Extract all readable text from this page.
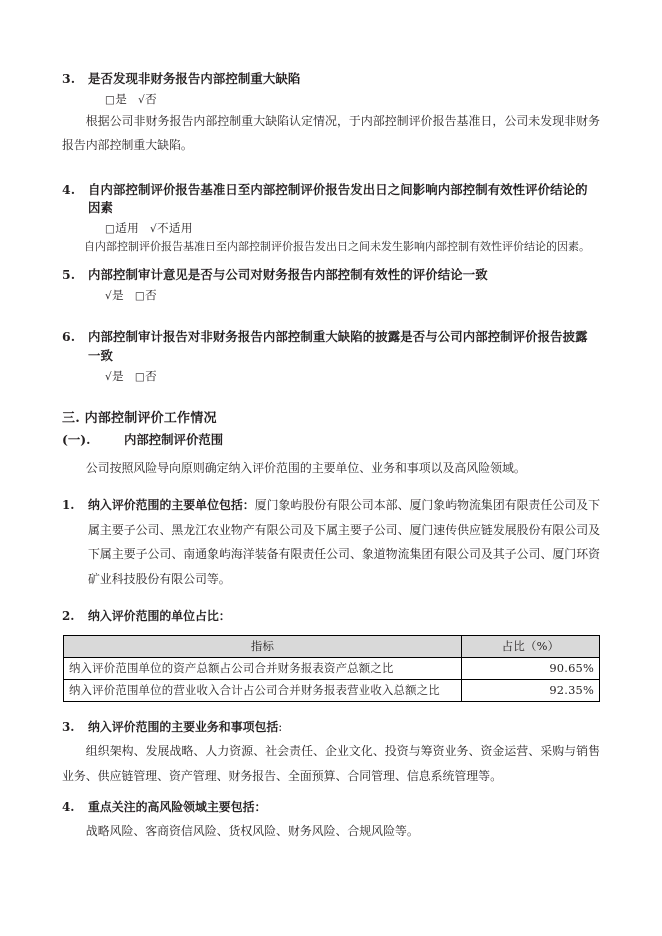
3.	是否发现非财务报告内部控制重大缺陷
□是 √否

根据公司非财务报告内部控制重大缺陷认定情况，于内部控制评价报告基准日，公司未发现非财务报告内部控制重大缺陷。

4.	自内部控制评价报告基准日至内部控制评价报告发出日之间影响内部控制有效性评价结论的因素
□适用 √不适用

自内部控制评价报告基准日至内部控制评价报告发出日之间未发生影响内部控制有效性评价结论的因素。

5.	内部控制审计意见是否与公司对财务报告内部控制有效性的评价结论一致
√是 □否
6.	内部控制审计报告对非财务报告内部控制重大缺陷的披露是否与公司内部控制评价报告披露一致
√是 □否
三. 内部控制评价工作情况
(一).	内部控制评价范围

公司按照风险导向原则确定纳入评价范围的主要单位、业务和事项以及高风险领域。

1.	纳入评价范围的主要单位包括：厦门象屿股份有限公司本部、厦门象屿物流集团有限责任公司及下属主要子公司、黑龙江农业物产有限公司及下属主要子公司、厦门速传供应链发展股份有限公司及下属主要子公司、南通象屿海洋装备有限责任公司、象道物流集团有限公司及其子公司、厦门环资矿业科技股份有限公司等。
2.	纳入评价范围的单位占比：
指标	占比（%）
纳入评价范围单位的资产总额占公司合并财务报表资产总额之比	90.65%
纳入评价范围单位的营业收入合计占公司合并财务报表营业收入总额之比	92.35%
3.	纳入评价范围的主要业务和事项包括:

组织架构、发展战略、人力资源、社会责任、企业文化、投资与筹资业务、资金运营、采购与销售业务、供应链管理、资产管理、财务报告、全面预算、合同管理、信息系统管理等。

4.	重点关注的高风险领域主要包括：

战略风险、客商资信风险、货权风险、财务风险、合规风险等。
